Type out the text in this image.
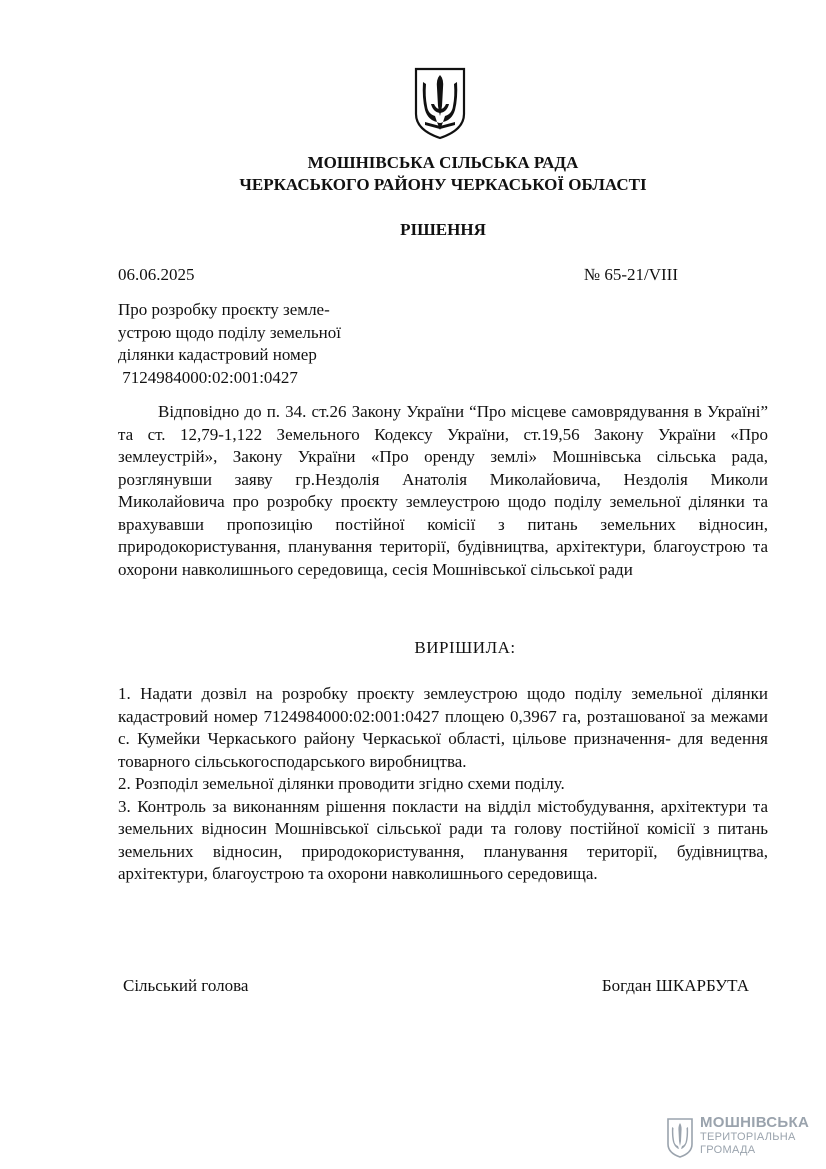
МОШНІВСЬКА СІЛЬСЬКА РАДА
ЧЕРКАСЬКОГО РАЙОНУ ЧЕРКАСЬКОЇ ОБЛАСТІ
РІШЕННЯ
06.06.2025	№ 65-21/VIII
Про розробку проєкту земле-
устрою щодо поділу земельної
ділянки кадастровий номер
7124984000:02:001:0427

Відповідно до п. 34. ст.26 Закону України “Про місцеве самоврядування в Україні” та ст. 12,79-1,122 Земельного Кодексу України, ст.19,56 Закону України «Про землеустрій», Закону України «Про оренду землі» Мошнівська сільська рада, розглянувши заяву гр.Нездолія Анатолія Миколайовича, Нездолія Миколи Миколайовича про розробку проєкту землеустрою щодо поділу земельної ділянки та врахувавши пропозицію постійної комісії з питань земельних відносин, природокористування, планування території, будівництва, архітектури, благоустрою та охорони навколишнього середовища, сесія Мошнівської сільської ради

ВИРІШИЛА:

1. Надати дозвіл на розробку проєкту землеустрою щодо поділу земельної ділянки кадастровий номер 7124984000:02:001:0427 площею 0,3967 га, розташованої за межами с. Кумейки Черкаського району Черкаської області, цільове призначення- для ведення товарного сільськогосподарського виробництва.

2. Розподіл земельної ділянки проводити згідно схеми поділу.

3. Контроль за виконанням рішення покласти на відділ містобудування, архітектури та земельних відносин Мошнівської сільської ради та голову постійної комісії з питань земельних відносин, природокористування, планування території, будівництва, архітектури, благоустрою та охорони навколишнього середовища.

Сільський голова	Богдан ШКАРБУТА
МОШНІВСЬКА
ТЕРИТОРІАЛЬНА
ГРОМАДА
